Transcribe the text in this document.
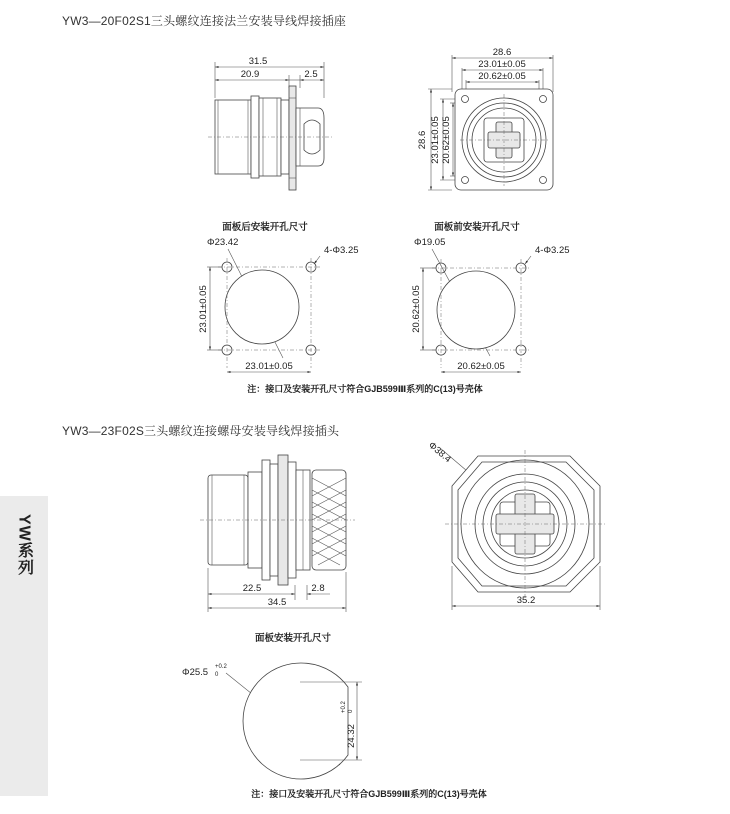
YW系列
YW3—20F02S1三头螺纹连接法兰安装导线焊接插座
YW3—23F02S三头螺纹连接螺母安装导线焊接插头
31.5
20.9	2.5
28.6
23.01±0.05
20.62±0.05
28.6 23.01±0.05 20.62±0.05
面板后安装开孔尺寸
Φ23.42
4-Φ3.25
23.01±0.05
23.01±0.05
面板前安装开孔尺寸
Φ19.05
4-Φ3.25
20.62±0.05
20.62±0.05
注：接口及安装开孔尺寸符合GJB599Ⅲ系列的C(13)号壳体
22.5	2.8
34.5
Φ38.4
35.2
面板安装开孔尺寸
Φ25.5 +0.2
0
24.32
+0.2 0
注：接口及安装开孔尺寸符合GJB599Ⅲ系列的C(13)号壳体
